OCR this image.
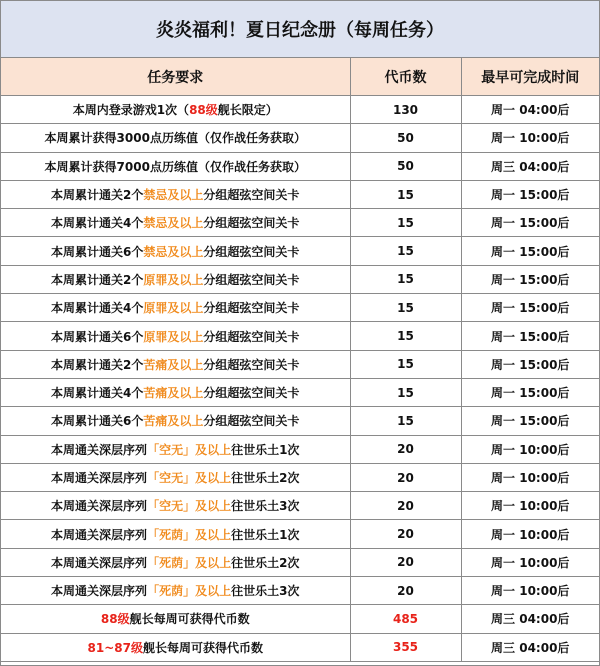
炎炎福利！夏日纪念册（每周任务）
任务要求	代币数	最早可完成时间
本周内登录游戏1次（88级舰长限定）	130	周一 04:00后
本周累计获得3000点历练值（仅作战任务获取）	50	周一 10:00后
本周累计获得7000点历练值（仅作战任务获取）	50	周三 04:00后
本周累计通关2个禁忌及以上分组超弦空间关卡	15	周一 15:00后
本周累计通关4个禁忌及以上分组超弦空间关卡	15	周一 15:00后
本周累计通关6个禁忌及以上分组超弦空间关卡	15	周一 15:00后
本周累计通关2个原罪及以上分组超弦空间关卡	15	周一 15:00后
本周累计通关4个原罪及以上分组超弦空间关卡	15	周一 15:00后
本周累计通关6个原罪及以上分组超弦空间关卡	15	周一 15:00后
本周累计通关2个苦痛及以上分组超弦空间关卡	15	周一 15:00后
本周累计通关4个苦痛及以上分组超弦空间关卡	15	周一 15:00后
本周累计通关6个苦痛及以上分组超弦空间关卡	15	周一 15:00后
本周通关深层序列「空无」及以上往世乐土1次	20	周一 10:00后
本周通关深层序列「空无」及以上往世乐土2次	20	周一 10:00后
本周通关深层序列「空无」及以上往世乐土3次	20	周一 10:00后
本周通关深层序列「死荫」及以上往世乐土1次	20	周一 10:00后
本周通关深层序列「死荫」及以上往世乐土2次	20	周一 10:00后
本周通关深层序列「死荫」及以上往世乐土3次	20	周一 10:00后
88级舰长每周可获得代币数	485	周三 04:00后
81~87级舰长每周可获得代币数	355	周三 04:00后
